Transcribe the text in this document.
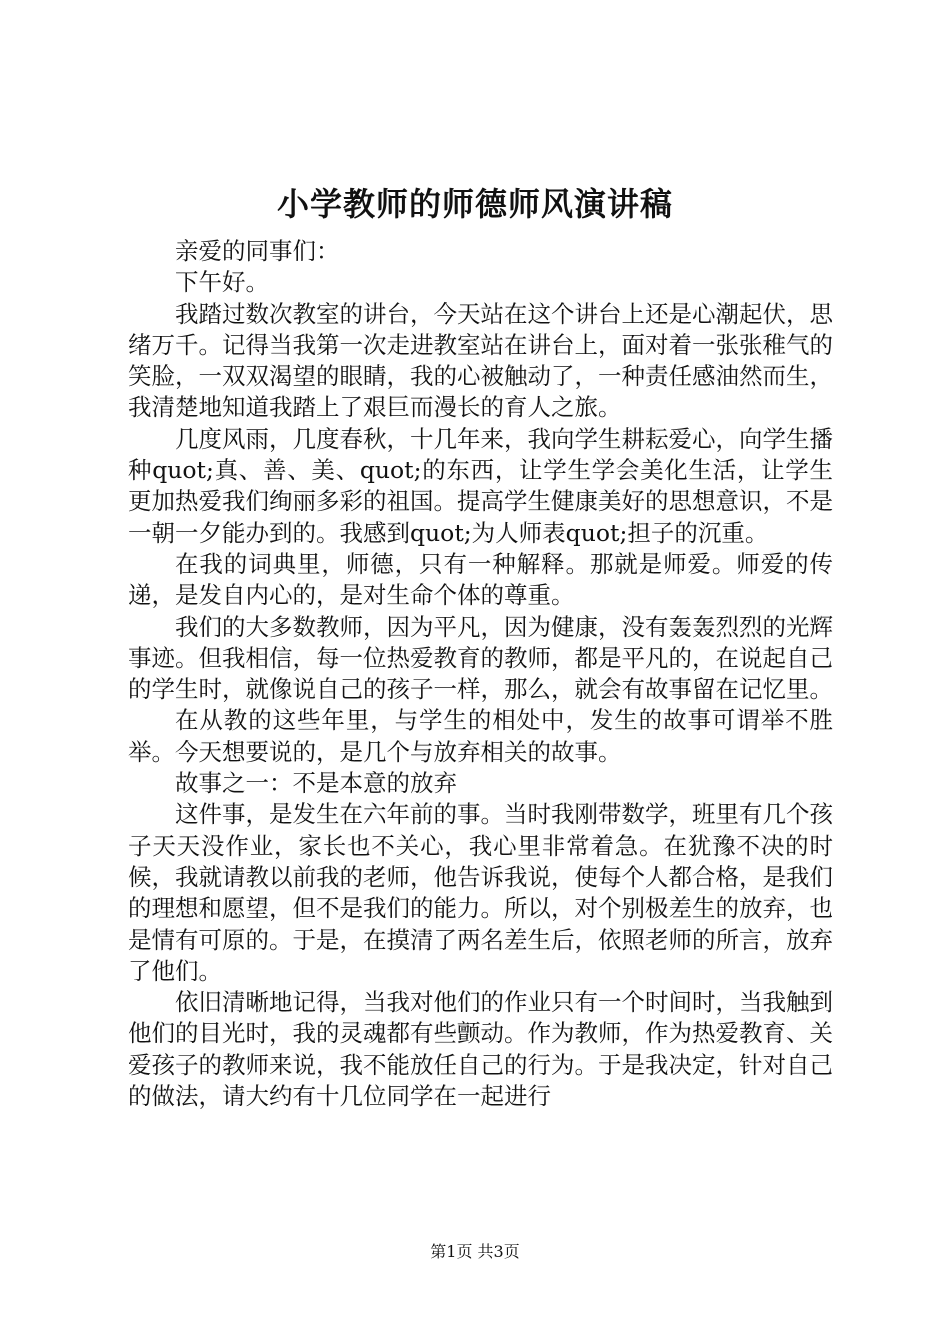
小学教师的师德师风演讲稿

亲爱的同事们：

下午好。

我踏过数次教室的讲台，今天站在这个讲台上还是心潮起伏，思绪万千。记得当我第一次走进教室站在讲台上，面对着一张张稚气的笑脸，一双双渴望的眼睛，我的心被触动了，一种责任感油然而生，我清楚地知道我踏上了艰巨而漫长的育人之旅。

几度风雨，几度春秋，十几年来，我向学生耕耘爱心，向学生播种quot;真、善、美、quot;的东西，让学生学会美化生活，让学生更加热爱我们绚丽多彩的祖国。提高学生健康美好的思想意识，不是一朝一夕能办到的。我感到quot;为人师表quot;担子的沉重。

在我的词典里，师德，只有一种解释。那就是师爱。师爱的传递，是发自内心的，是对生命个体的尊重。

我们的大多数教师，因为平凡，因为健康，没有轰轰烈烈的光辉事迹。但我相信，每一位热爱教育的教师，都是平凡的，在说起自己的学生时，就像说自己的孩子一样，那么，就会有故事留在记忆里。

在从教的这些年里，与学生的相处中，发生的故事可谓举不胜举。今天想要说的，是几个与放弃相关的故事。

故事之一：不是本意的放弃

这件事，是发生在六年前的事。当时我刚带数学，班里有几个孩子天天没作业，家长也不关心，我心里非常着急。在犹豫不决的时候，我就请教以前我的老师，他告诉我说，使每个人都合格，是我们的理想和愿望，但不是我们的能力。所以，对个别极差生的放弃，也是情有可原的。于是，在摸清了两名差生后，依照老师的所言，放弃了他们。

依旧清晰地记得，当我对他们的作业只有一个时间时，当我触到他们的目光时，我的灵魂都有些颤动。作为教师，作为热爱教育、关爱孩子的教师来说，我不能放任自己的行为。于是我决定，针对自己的做法，请大约有十几位同学在一起进行

第1页 共3页
